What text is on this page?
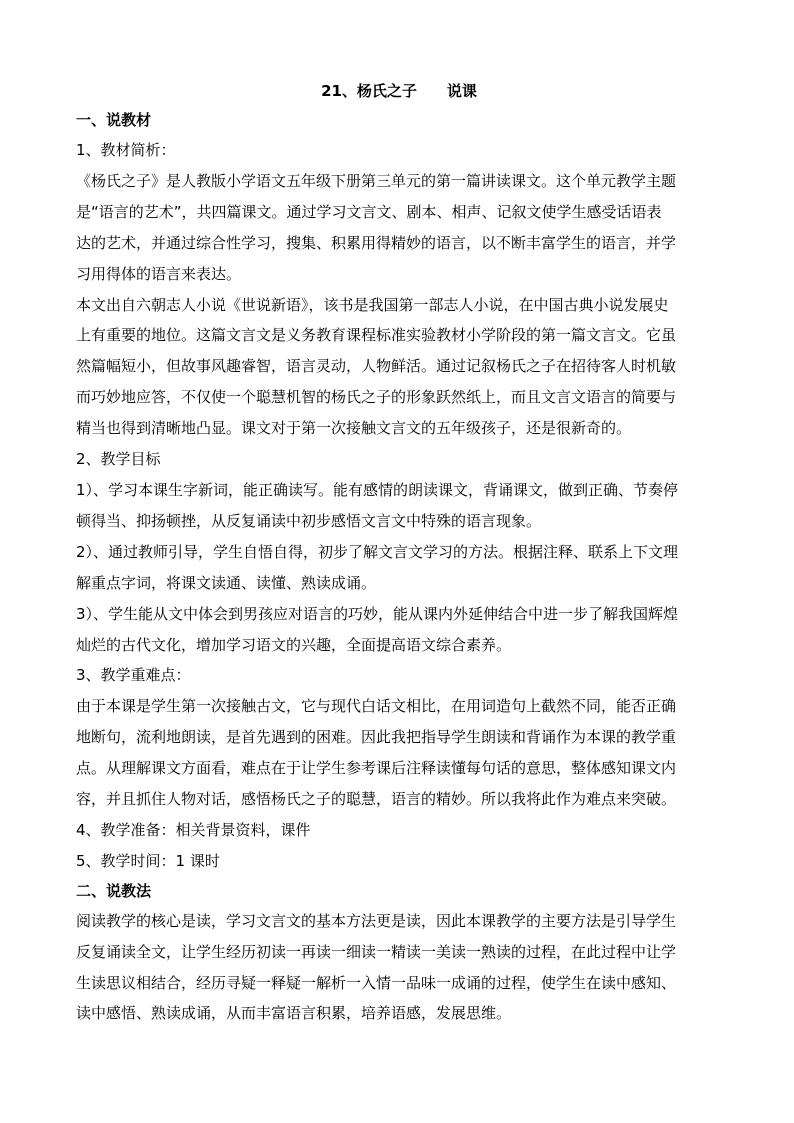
21、杨氏之子　　说课
一、说教材
1、教材简析：
《杨氏之子》是人教版小学语文五年级下册第三单元的第一篇讲读课文。这个单元教学主题
是“语言的艺术”，共四篇课文。通过学习文言文、剧本、相声、记叙文使学生感受话语表
达的艺术，并通过综合性学习，搜集、积累用得精妙的语言，以不断丰富学生的语言，并学
习用得体的语言来表达。
本文出自六朝志人小说《世说新语》，该书是我国第一部志人小说，在中国古典小说发展史
上有重要的地位。这篇文言文是义务教育课程标准实验教材小学阶段的第一篇文言文。它虽
然篇幅短小，但故事风趣睿智，语言灵动，人物鲜活。通过记叙杨氏之子在招待客人时机敏
而巧妙地应答，不仅使一个聪慧机智的杨氏之子的形象跃然纸上，而且文言文语言的简要与
精当也得到清晰地凸显。课文对于第一次接触文言文的五年级孩子，还是很新奇的。
2、教学目标
1）、学习本课生字新词，能正确读写。能有感情的朗读课文，背诵课文，做到正确、节奏停
顿得当、抑扬顿挫，从反复诵读中初步感悟文言文中特殊的语言现象。
2）、通过教师引导，学生自悟自得，初步了解文言文学习的方法。根据注释、联系上下文理
解重点字词，将课文读通、读懂、熟读成诵。
3）、学生能从文中体会到男孩应对语言的巧妙，能从课内外延伸结合中进一步了解我国辉煌
灿烂的古代文化，增加学习语文的兴趣，全面提高语文综合素养。
3、教学重难点：
由于本课是学生第一次接触古文，它与现代白话文相比，在用词造句上截然不同，能否正确
地断句，流利地朗读，是首先遇到的困难。因此我把指导学生朗读和背诵作为本课的教学重
点。从理解课文方面看，难点在于让学生参考课后注释读懂每句话的意思，整体感知课文内
容，并且抓住人物对话，感悟杨氏之子的聪慧，语言的精妙。所以我将此作为难点来突破。
4、教学准备：相关背景资料，课件
5、教学时间：1 课时
二、说教法
阅读教学的核心是读，学习文言文的基本方法更是读，因此本课教学的主要方法是引导学生
反复诵读全文，让学生经历初读一再读一细读一精读一美读一熟读的过程，在此过程中让学
生读思议相结合，经历寻疑一释疑一解析一入情一品味一成诵的过程，使学生在读中感知、
读中感悟、熟读成诵，从而丰富语言积累，培养语感，发展思维。
